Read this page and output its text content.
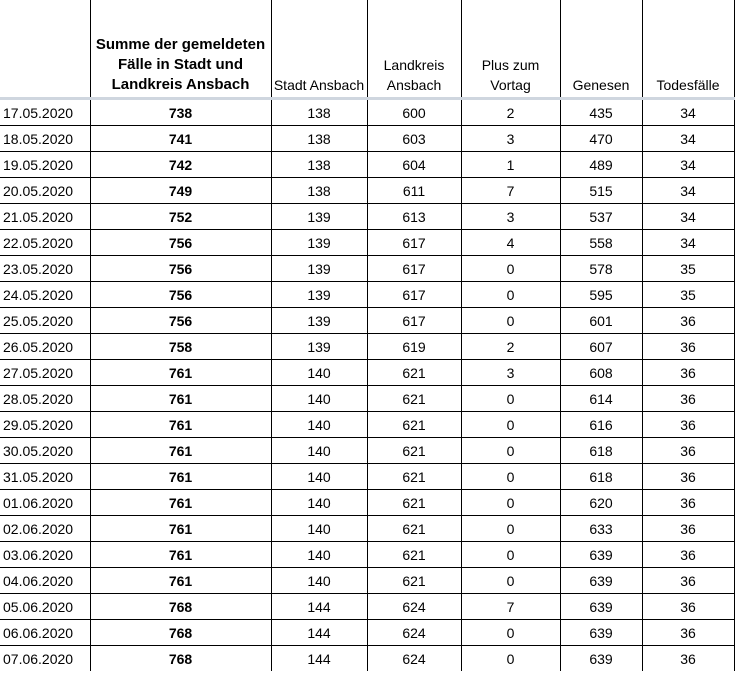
	Summe der gemeldeten Fälle in Stadt und Landkreis Ansbach	Stadt Ansbach	Landkreis Ansbach	Plus zum Vortag	Genesen	Todesfälle
17.05.2020	738	138	600	2	435	34
18.05.2020	741	138	603	3	470	34
19.05.2020	742	138	604	1	489	34
20.05.2020	749	138	611	7	515	34
21.05.2020	752	139	613	3	537	34
22.05.2020	756	139	617	4	558	34
23.05.2020	756	139	617	0	578	35
24.05.2020	756	139	617	0	595	35
25.05.2020	756	139	617	0	601	36
26.05.2020	758	139	619	2	607	36
27.05.2020	761	140	621	3	608	36
28.05.2020	761	140	621	0	614	36
29.05.2020	761	140	621	0	616	36
30.05.2020	761	140	621	0	618	36
31.05.2020	761	140	621	0	618	36
01.06.2020	761	140	621	0	620	36
02.06.2020	761	140	621	0	633	36
03.06.2020	761	140	621	0	639	36
04.06.2020	761	140	621	0	639	36
05.06.2020	768	144	624	7	639	36
06.06.2020	768	144	624	0	639	36
07.06.2020	768	144	624	0	639	36
